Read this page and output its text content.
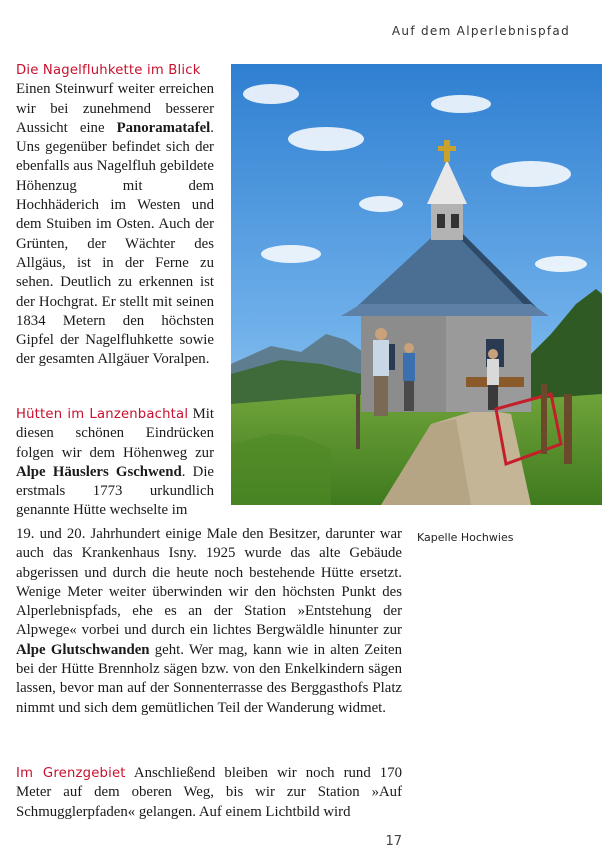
Auf dem Alperlebnispfad

Die Nagelfluhkette im Blick
Einen Steinwurf weiter erreichen wir bei zunehmend besserer Aussicht eine Panoramatafel. Uns gegenüber befindet sich der ebenfalls aus Nagelfluh gebildete Höhenzug mit dem Hochhäderich im Westen und dem Stuiben im Osten. Auch der Grünten, der Wächter des Allgäus, ist in der Ferne zu sehen. Deutlich zu erkennen ist der Hochgrat. Er stellt mit seinen 1834 Metern den höchsten Gipfel der Nagelfluhkette sowie der gesamten Allgäuer Voralpen.

Hütten im Lanzenbachtal Mit diesen schönen Eindrücken folgen wir dem Höhenweg zur Alpe Häuslers Gschwend. Die erstmals 1773 urkundlich genannte Hütte wechselte im

19. und 20. Jahrhundert einige Male den Besitzer, darunter war auch das Krankenhaus Isny. 1925 wurde das alte Gebäude abgerissen und durch die heute noch bestehende Hütte ersetzt. Wenige Meter weiter überwinden wir den höchsten Punkt des Alperlebnispfads, ehe es an der Station »Entstehung der Alpwege« vorbei und durch ein lichtes Bergwäldle hinunter zur Alpe Glutschwanden geht. Wer mag, kann wie in alten Zeiten bei der Hütte Brennholz sägen bzw. von den Enkelkindern sägen lassen, bevor man auf der Sonnenterrasse des Berggasthofs Platz nimmt und sich dem gemütlichen Teil der Wanderung widmet.

Im Grenzgebiet Anschließend bleiben wir noch rund 170 Meter auf dem oberen Weg, bis wir zur Station »Auf Schmugglerpfaden« gelangen. Auf einem Lichtbild wird
Kapelle Hochwies
17
